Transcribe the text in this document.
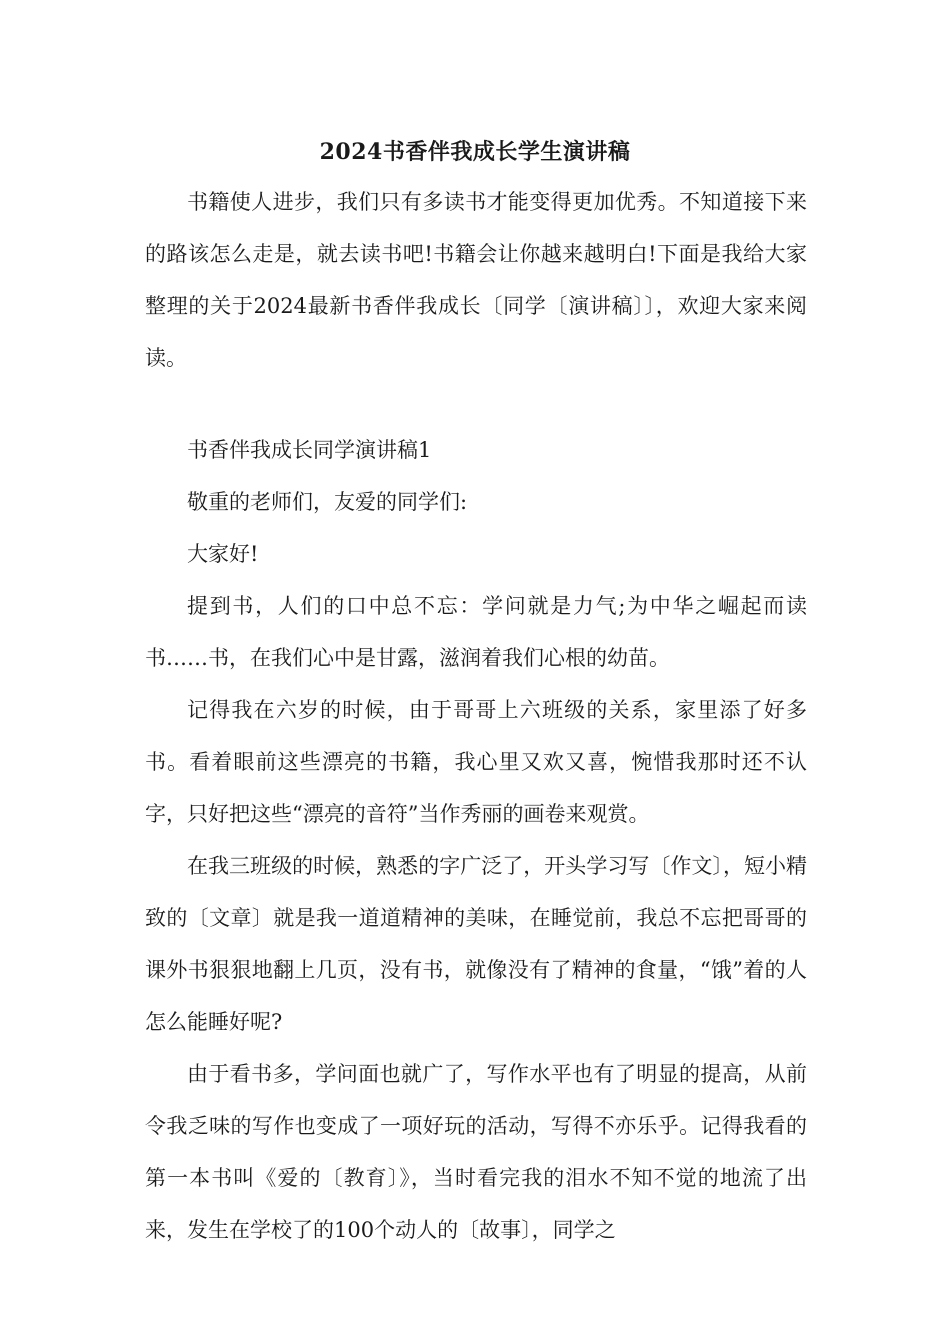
2024书香伴我成长学生演讲稿

书籍使人进步，我们只有多读书才能变得更加优秀。不知道接下来的路该怎么走是，就去读书吧!书籍会让你越来越明白!下面是我给大家整理的关于2024最新书香伴我成长〔同学〔演讲稿〕〕，欢迎大家来阅读。

书香伴我成长同学演讲稿1

敬重的老师们，友爱的同学们:

大家好!

提到书，人们的口中总不忘：学问就是力气;为中华之崛起而读书……书，在我们心中是甘露，滋润着我们心根的幼苗。

记得我在六岁的时候，由于哥哥上六班级的关系，家里添了好多书。看着眼前这些漂亮的书籍，我心里又欢又喜，惋惜我那时还不认字，只好把这些“漂亮的音符”当作秀丽的画卷来观赏。

在我三班级的时候，熟悉的字广泛了，开头学习写〔作文〕，短小精致的〔文章〕就是我一道道精神的美味，在睡觉前，我总不忘把哥哥的课外书狠狠地翻上几页，没有书，就像没有了精神的食量，“饿”着的人怎么能睡好呢?

由于看书多，学问面也就广了，写作水平也有了明显的提高，从前令我乏味的写作也变成了一项好玩的活动，写得不亦乐乎。记得我看的第一本书叫《爱的〔教育〕》，当时看完我的泪水不知不觉的地流了出来，发生在学校了的100个动人的〔故事〕，同学之
